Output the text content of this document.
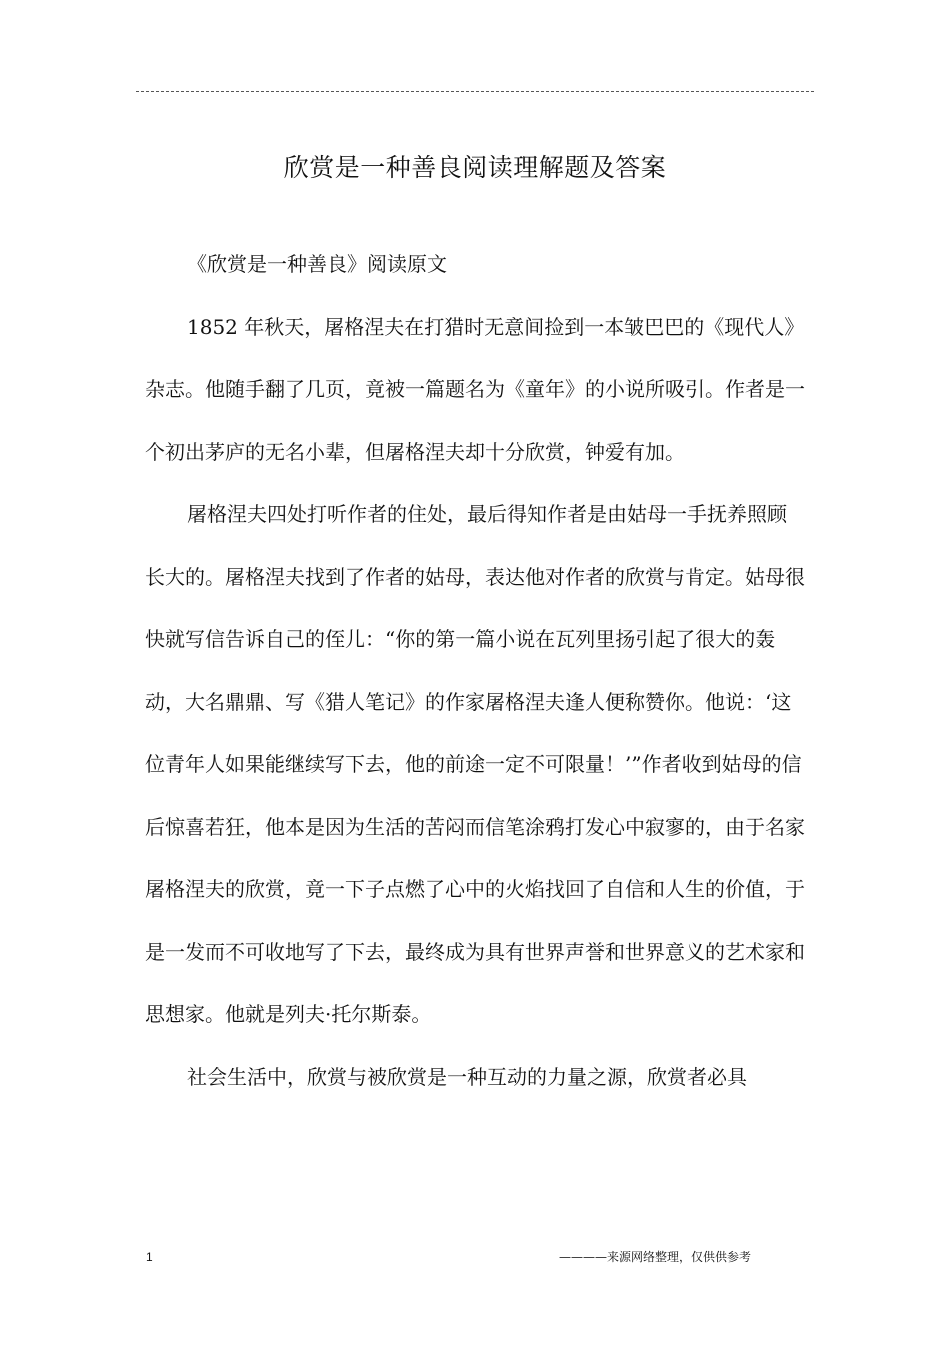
欣赏是一种善良阅读理解题及答案

《欣赏是一种善良》阅读原文

1852 年秋天，屠格涅夫在打猎时无意间捡到一本皱巴巴的《现代人》杂志。他随手翻了几页，竟被一篇题名为《童年》的小说所吸引。作者是一个初出茅庐的无名小辈，但屠格涅夫却十分欣赏，钟爱有加。

屠格涅夫四处打听作者的住处，最后得知作者是由姑母一手抚养照顾长大的。屠格涅夫找到了作者的姑母，表达他对作者的欣赏与肯定。姑母很快就写信告诉自己的侄儿：“你的第一篇小说在瓦列里扬引起了很大的轰动，大名鼎鼎、写《猎人笔记》的作家屠格涅夫逢人便称赞你。他说：‘这位青年人如果能继续写下去，他的前途一定不可限量！’”作者收到姑母的信后惊喜若狂，他本是因为生活的苦闷而信笔涂鸦打发心中寂寥的，由于名家屠格涅夫的欣赏，竟一下子点燃了心中的火焰找回了自信和人生的价值，于是一发而不可收地写了下去，最终成为具有世界声誉和世界意义的艺术家和思想家。他就是列夫·托尔斯泰。

社会生活中，欣赏与被欣赏是一种互动的力量之源，欣赏者必具

1	————来源网络整理，仅供供参考
